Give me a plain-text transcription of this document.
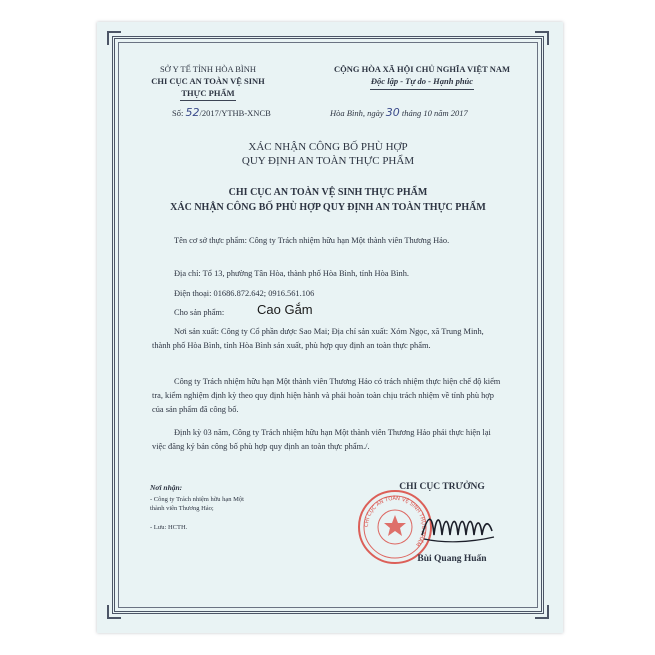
SỞ Y TẾ TỈNH HÒA BÌNH
CHI CỤC AN TOÀN VỆ SINH
THỰC PHẨM
Số: 52/2017/YTHB-XNCB
CỘNG HÒA XÃ HỘI CHỦ NGHĨA VIỆT NAM
Độc lập - Tự do - Hạnh phúc
Hòa Bình, ngày 30 tháng 10 năm 2017
XÁC NHẬN CÔNG BỐ PHÙ HỢP
QUY ĐỊNH AN TOÀN THỰC PHẨM
CHI CỤC AN TOÀN VỆ SINH THỰC PHẨM
XÁC NHẬN CÔNG BỐ PHÙ HỢP QUY ĐỊNH AN TOÀN THỰC PHẨM
Tên cơ sở thực phẩm: Công ty Trách nhiệm hữu hạn Một thành viên Thương Hảo.
Địa chỉ: Tổ 13, phường Tân Hòa, thành phố Hòa Bình, tỉnh Hòa Bình.
Điện thoại: 01686.872.642; 0916.561.106
Cho sản phẩm:	Cao Gắm
Nơi sản xuất: Công ty Cổ phần dược Sao Mai; Địa chỉ sản xuất: Xóm Ngọc, xã Trung Minh, thành phố Hòa Bình, tỉnh Hòa Bình sản xuất, phù hợp quy định an toàn thực phẩm.
Công ty Trách nhiệm hữu hạn Một thành viên Thương Hảo có trách nhiệm thực hiện chế độ kiểm tra, kiểm nghiệm định kỳ theo quy định hiện hành và phải hoàn toàn chịu trách nhiệm về tính phù hợp của sản phẩm đã công bố.
Định kỳ 03 năm, Công ty Trách nhiệm hữu hạn Một thành viên Thương Hảo phải thực hiện lại việc đăng ký bản công bố phù hợp quy định an toàn thực phẩm./.
Nơi nhận:
- Công ty Trách nhiệm hữu hạn Một thành viên Thương Hảo;
- Lưu: HCTH.
CHI CỤC TRƯỞNG
CHI CỤC AN TOÀN VỆ SINH THỰC PHẨM
Bùi Quang Huấn
